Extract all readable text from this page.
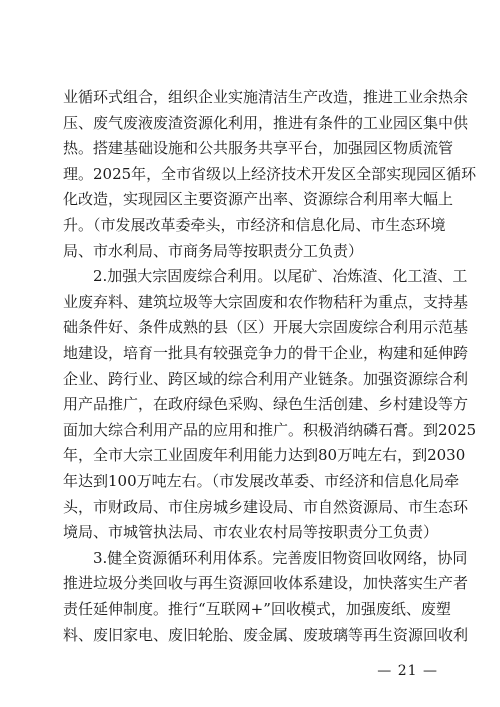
— 21 —
业循环式组合，组织企业实施清洁生产改造，推进工业余热余
压、废气废液废渣资源化利用，推进有条件的工业园区集中供
热。搭建基础设施和公共服务共享平台，加强园区物质流管
理。2025年，全市省级以上经济技术开发区全部实现园区循环
化改造，实现园区主要资源产出率、资源综合利用率大幅上
升。（市发展改革委牵头，市经济和信息化局、市生态环境
局、市水利局、市商务局等按职责分工负责）
2.加强大宗固废综合利用。以尾矿、冶炼渣、化工渣、工
业废弃料、建筑垃圾等大宗固废和农作物秸秆为重点，支持基
础条件好、条件成熟的县（区）开展大宗固废综合利用示范基
地建设，培育一批具有较强竞争力的骨干企业，构建和延伸跨
企业、跨行业、跨区域的综合利用产业链条。加强资源综合利
用产品推广，在政府绿色采购、绿色生活创建、乡村建设等方
面加大综合利用产品的应用和推广。积极消纳磷石膏。到2025
年，全市大宗工业固废年利用能力达到80万吨左右，到2030
年达到100万吨左右。（市发展改革委、市经济和信息化局牵
头，市财政局、市住房城乡建设局、市自然资源局、市生态环
境局、市城管执法局、市农业农村局等按职责分工负责）
3.健全资源循环利用体系。完善废旧物资回收网络，协同
推进垃圾分类回收与再生资源回收体系建设，加快落实生产者
责任延伸制度。推行“互联网+”回收模式，加强废纸、废塑
料、废旧家电、废旧轮胎、废金属、废玻璃等再生资源回收利
